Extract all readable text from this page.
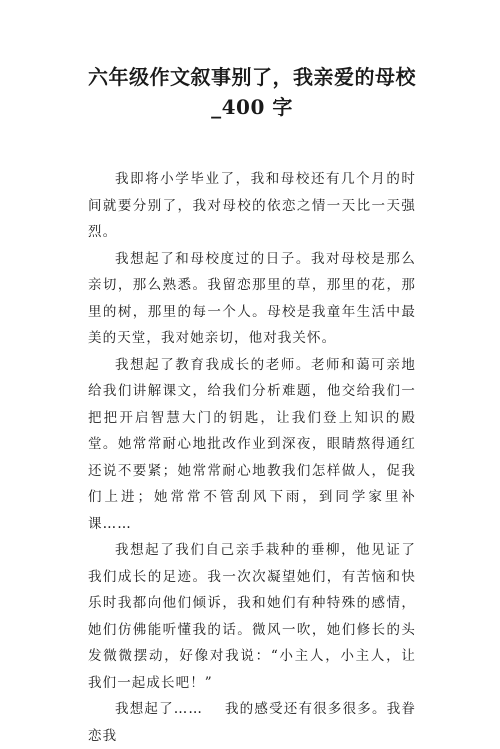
六年级作文叙事别了，我亲爱的母校
_400 字

我即将小学毕业了，我和母校还有几个月的时间就要分别了，我对母校的依恋之情一天比一天强烈。

我想起了和母校度过的日子。我对母校是那么亲切，那么熟悉。我留恋那里的草，那里的花，那里的树，那里的每一个人。母校是我童年生活中最美的天堂，我对她亲切，他对我关怀。

我想起了教育我成长的老师。老师和蔼可亲地给我们讲解课文，给我们分析难题，他交给我们一把把开启智慧大门的钥匙，让我们登上知识的殿堂。她常常耐心地批改作业到深夜，眼睛熬得通红还说不要紧；她常常耐心地教我们怎样做人，促我们上进；她常常不管刮风下雨，到同学家里补课……

我想起了我们自己亲手栽种的垂柳，他见证了我们成长的足迹。我一次次凝望她们，有苦恼和快乐时我都向他们倾诉，我和她们有种特殊的感情，她们仿佛能听懂我的话。微风一吹，她们修长的头发微微摆动，好像对我说：“小主人，小主人，让我们一起成长吧！”

我想起了……    我的感受还有很多很多。我眷恋我
